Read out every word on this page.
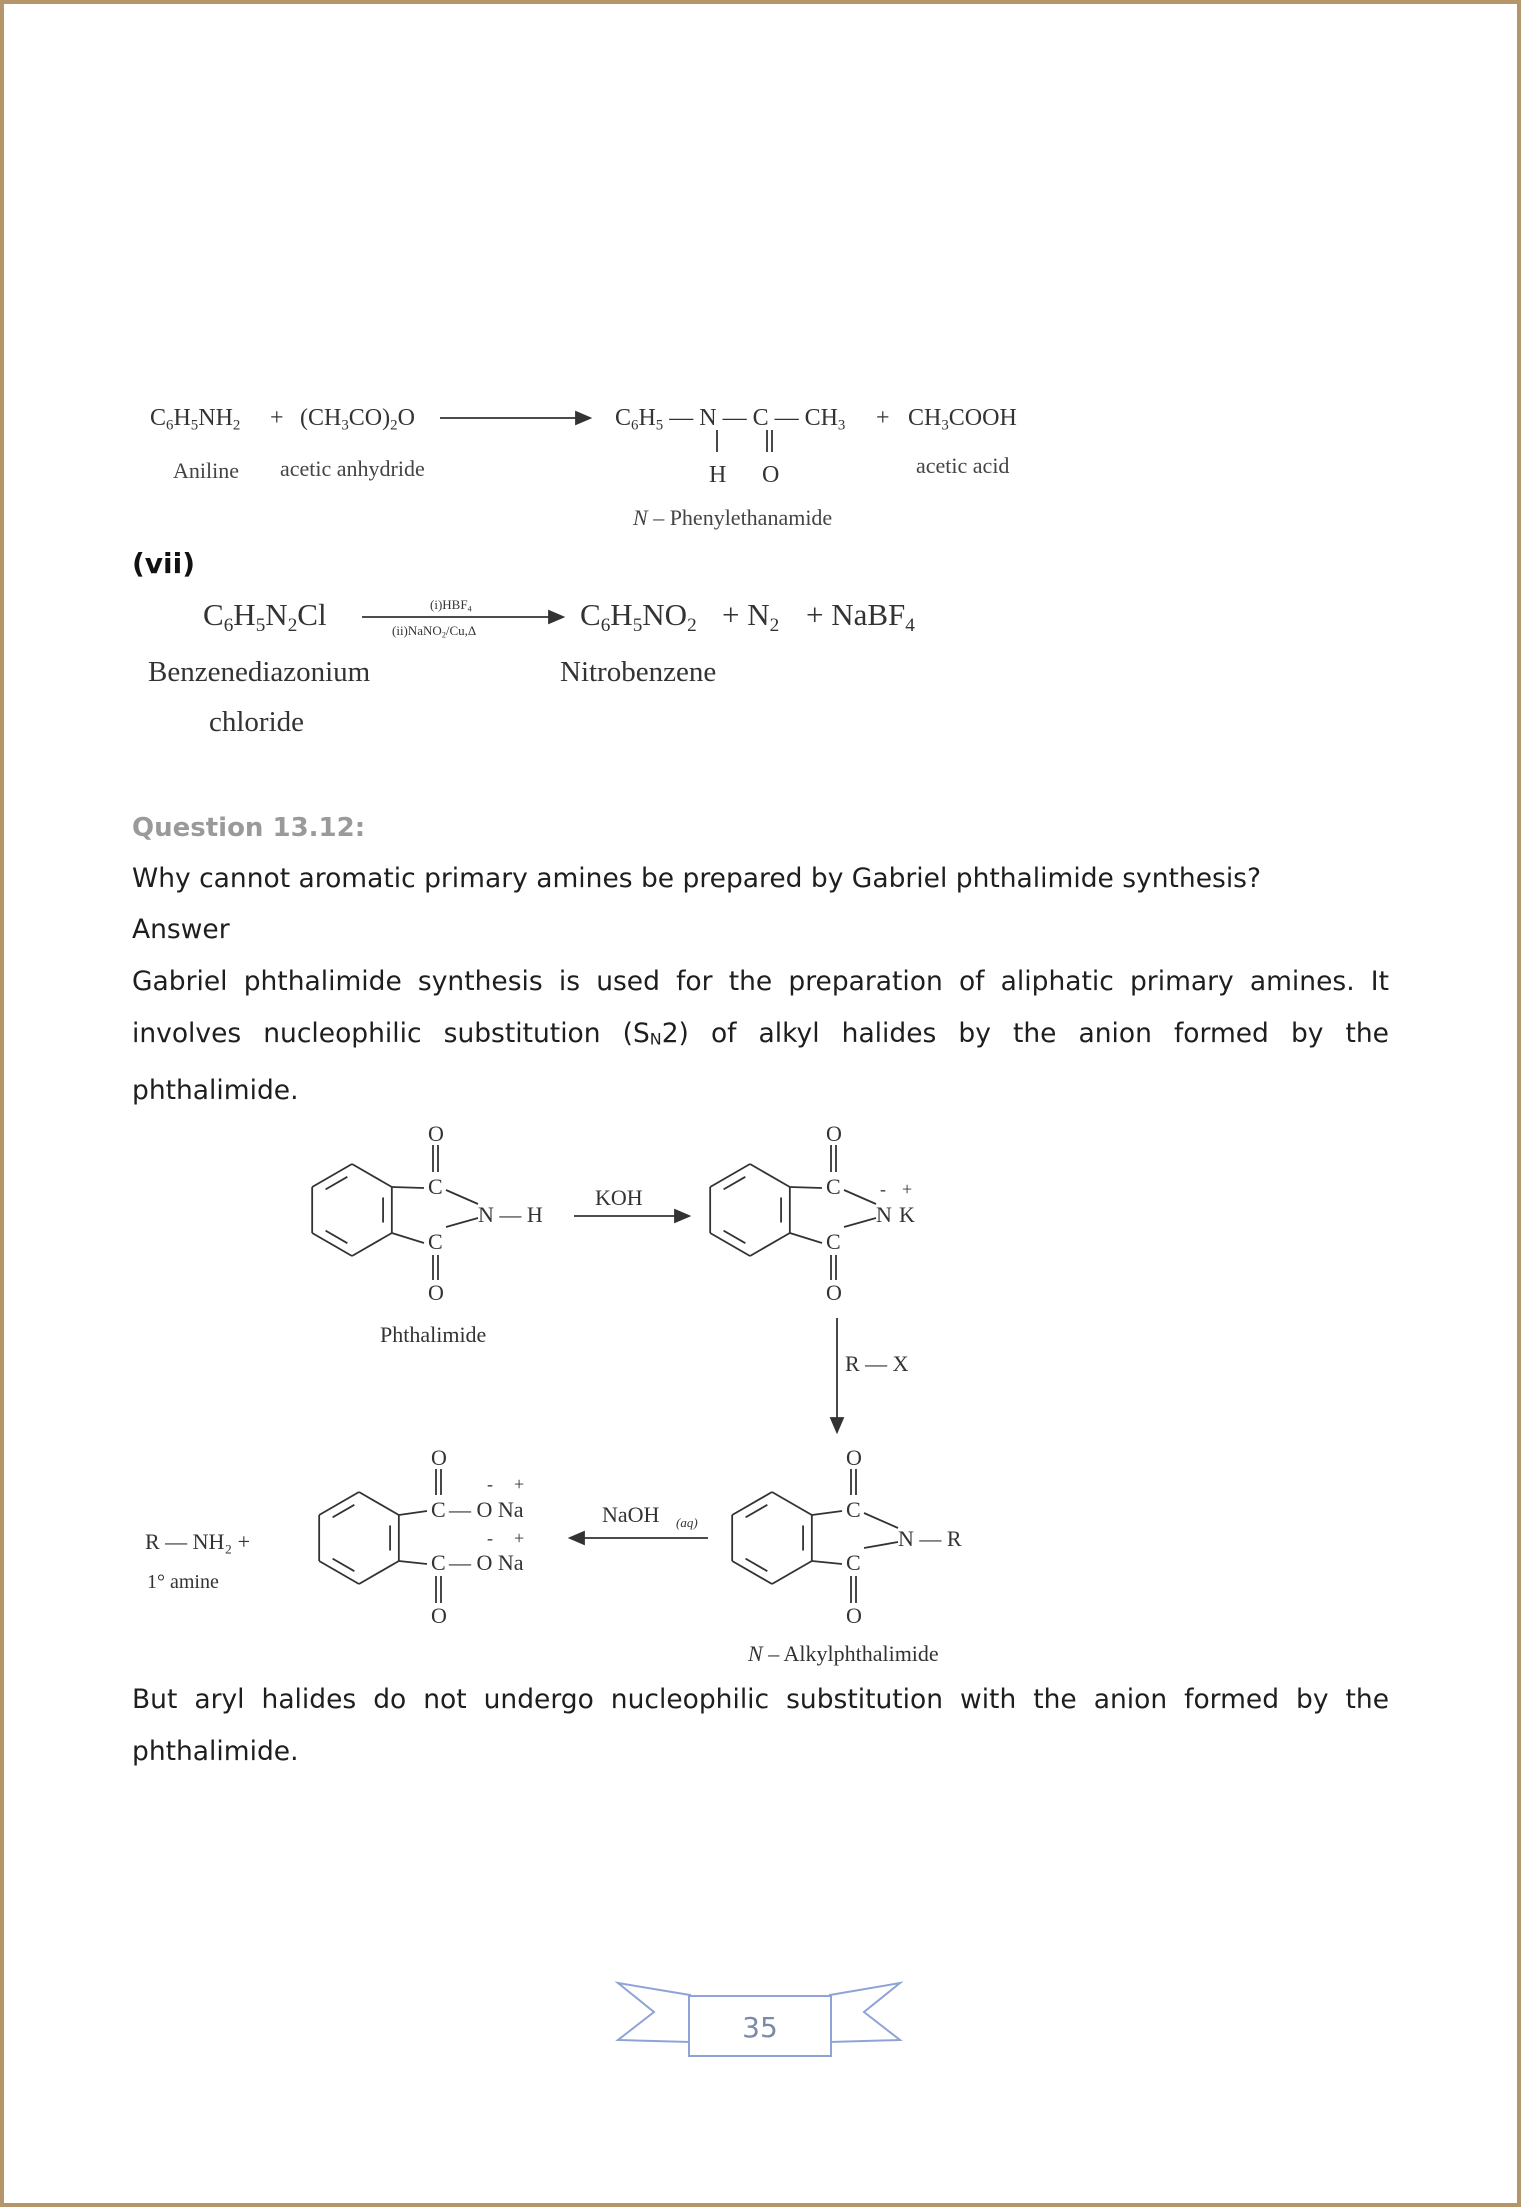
$C_6H_5NH_2 + (CH_3CO)_2O$	$C_6H_5$ — N — C — $CH_3$ + $CH_3COOH$
H O
Aniline acetic anhydride	acetic acid
N – Phenylethanamide
(vii)
$C_6H_5N_2Cl$	$(i)HBF_4$
(ii)NaNO$_2$/Cu,Δ	$C_6H_5NO_2 + N_2$ + NaBF$_4$
Benzenediazonium
chloride
Nitrobenzene
Question 13.12:
Why cannot aromatic primary amines be prepared by Gabriel phthalimide synthesis?
Answer
Gabriel phthalimide synthesis is used for the preparation of aliphatic primary amines. It involves nucleophilic substitution (SN2) of alkyl halides by the anion formed by the phthalimide.
But aryl halides do not undergo nucleophilic substitution with the anion formed by the phthalimide.
O
C
C
O
N — H
KOH
Phthalimide
O
C
C
O
N K
- +
R — X
O
C
C
O
N — R
N – Alkylphthalimide
NaOH (aq)
O
C
C
O
— O Na
— O Na
- +
- +
R — NH₂ +
1° amine
35
